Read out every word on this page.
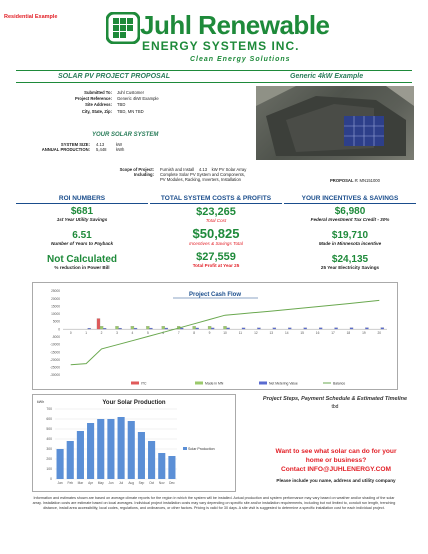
Residential Example	Juhl Renewable
ENERGY SYSTEMS INC.
Clean Energy Solutions
SOLAR PV PROJECT PROPOSAL	Generic 4kW Example
Submitted To: Juhl Customer
Project Reference: Generic 4kW Example
Site Address: TBD
City, State, Zip: TBD, MN TBD
YOUR SOLAR SYSTEM
SYSTEM SIZE: 4.13	kW
ANNUAL PRODUCTION: 5,448	kWh
Scope of Project:
Including:
Furnish and Install    4.13    kW PV Solar Array
Complete Solar PV System and Components,
PV Modules, Racking, Inverters, Installation	PROPOSAL #: MN151000
ROI NUMBERS
$681
1st Year Utility Savings
6.51
Number of Years to Payback
Not Calculated
% reduction in Power Bill
TOTAL SYSTEM COSTS & PROFITS
$23,265
Total Cost
$50,825
Incentives & Savings Total
$27,559
Total Profit at Year 25
YOUR INCENTIVES & SAVINGS
$6,980
Federal Investment Tax Credit - 30%
$19,710
Made in Minnesota incentive
$24,135
25 Year Electricity Savings
25000
20000
15000
10000
5000
0
-5000
-10000
-15000
-20000
-25000
-30000
0	1	2	3	4	5	6	7	8	9	10	11	12	13	14	15	16	17	18	19	20
Project Cash Flow
ITC	Made in MN	Net Metering Value	Balance
Your Solar Production
kWh
700
600
500
400
300
200
100
0
Jan Feb Mar Apr May Jun Jul Aug Sep Oct Nov Dec
Solar Production
Project Steps, Payment Schedule & Estimated Timeline
tbd
Want to see what solar can do for your
home or business?
Contact INFO@JUHLENERGY.COM
Please include you name, address and utility company
Information and estimates shown are based on average climate reports for the region in which the system will be installed. Actual production and system performance may vary based on weather and/or shading of the solar array. Installation costs are estimate based on local averages. Individual project installation costs may vary depending on specific site and/or installation requirements, including but not limited to, conduit run length, trenching distance, install area accessibility, local codes, regulations, and ordinances, or other factors. Pricing is valid for 30 days. A site visit is suggested to determine a specific installation cost for each individual project.
